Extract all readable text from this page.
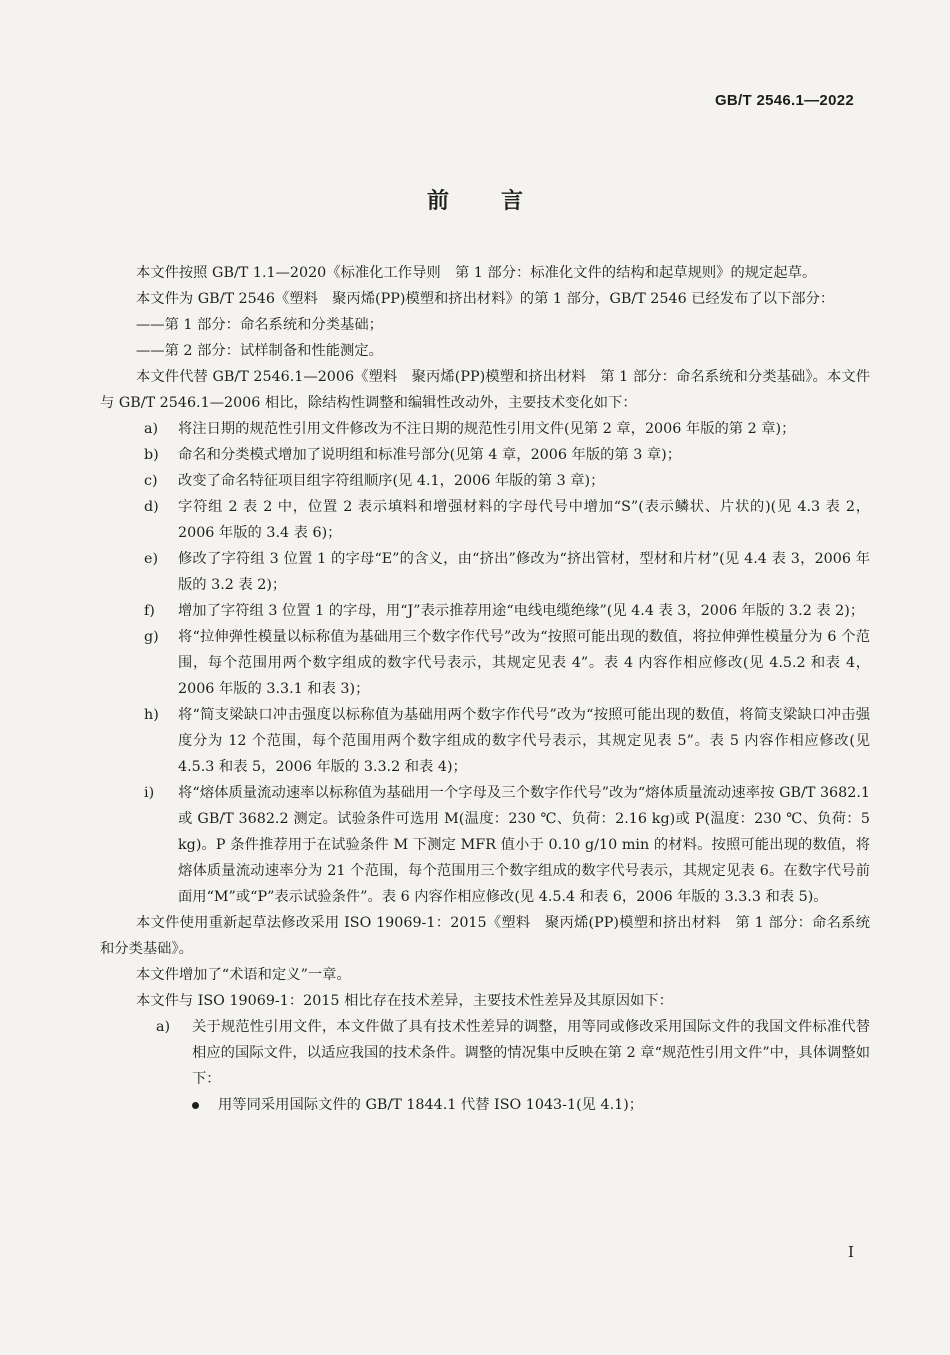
GB/T 2546.1—2022
前言

本文件按照 GB/T 1.1—2020《标准化工作导则　第 1 部分：标准化文件的结构和起草规则》的规定起草。

本文件为 GB/T 2546《塑料　聚丙烯(PP)模塑和挤出材料》的第 1 部分，GB/T 2546 已经发布了以下部分：

——第 1 部分：命名系统和分类基础；

——第 2 部分：试样制备和性能测定。

本文件代替 GB/T 2546.1—2006《塑料　聚丙烯(PP)模塑和挤出材料　第 1 部分：命名系统和分类基础》。本文件与 GB/T 2546.1—2006 相比，除结构性调整和编辑性改动外，主要技术变化如下：

a) 将注日期的规范性引用文件修改为不注日期的规范性引用文件(见第 2 章，2006 年版的第 2 章)；

b) 命名和分类模式增加了说明组和标准号部分(见第 4 章，2006 年版的第 3 章)；

c) 改变了命名特征项目组字符组顺序(见 4.1，2006 年版的第 3 章)；

d) 字符组 2 表 2 中，位置 2 表示填料和增强材料的字母代号中增加“S”(表示鳞状、片状的)(见 4.3 表 2，2006 年版的 3.4 表 6)；

e) 修改了字符组 3 位置 1 的字母“E”的含义，由“挤出”修改为“挤出管材，型材和片材”(见 4.4 表 3，2006 年版的 3.2 表 2)；

f) 增加了字符组 3 位置 1 的字母，用“J”表示推荐用途“电线电缆绝缘”(见 4.4 表 3，2006 年版的 3.2 表 2)；

g) 将“拉伸弹性模量以标称值为基础用三个数字作代号”改为“按照可能出现的数值，将拉伸弹性模量分为 6 个范围，每个范围用两个数字组成的数字代号表示，其规定见表 4”。表 4 内容作相应修改(见 4.5.2 和表 4，2006 年版的 3.3.1 和表 3)；

h) 将“简支梁缺口冲击强度以标称值为基础用两个数字作代号”改为“按照可能出现的数值，将简支梁缺口冲击强度分为 12 个范围，每个范围用两个数字组成的数字代号表示，其规定见表 5”。表 5 内容作相应修改(见 4.5.3 和表 5，2006 年版的 3.3.2 和表 4)；

i) 将“熔体质量流动速率以标称值为基础用一个字母及三个数字作代号”改为“熔体质量流动速率按 GB/T 3682.1 或 GB/T 3682.2 测定。试验条件可选用 M(温度：230 ℃、负荷：2.16 kg)或 P(温度：230 ℃、负荷：5 kg)。P 条件推荐用于在试验条件 M 下测定 MFR 值小于 0.10 g/10 min 的材料。按照可能出现的数值，将熔体质量流动速率分为 21 个范围，每个范围用三个数字组成的数字代号表示，其规定见表 6。在数字代号前面用“M”或“P”表示试验条件”。表 6 内容作相应修改(见 4.5.4 和表 6，2006 年版的 3.3.3 和表 5)。

本文件使用重新起草法修改采用 ISO 19069-1：2015《塑料　聚丙烯(PP)模塑和挤出材料　第 1 部分：命名系统和分类基础》。

本文件增加了“术语和定义”一章。

本文件与 ISO 19069-1：2015 相比存在技术差异，主要技术性差异及其原因如下：

a) 关于规范性引用文件，本文件做了具有技术性差异的调整，用等同或修改采用国际文件的我国文件标准代替相应的国际文件，以适应我国的技术条件。调整的情况集中反映在第 2 章“规范性引用文件”中，具体调整如下：

用等同采用国际文件的 GB/T 1844.1 代替 ISO 1043-1(见 4.1)；

I
